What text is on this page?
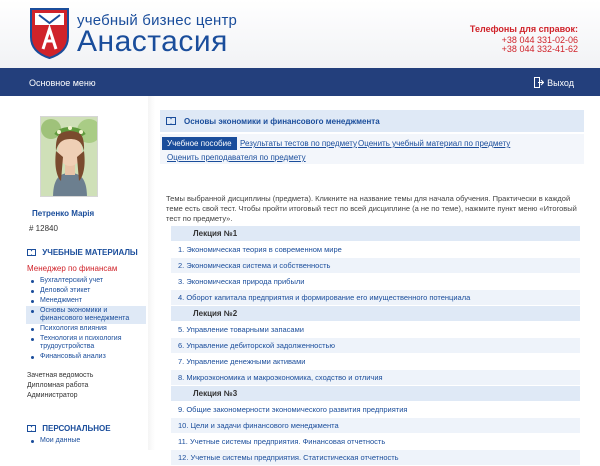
учебный бизнес центр
Анастасия	Телефоны для справок:
+38 044 331-02-06
+38 044 332-41-62
Основное меню	Выход
Петренко Марія
# 12840
УЧЕБНЫЕ МАТЕРИАЛЫ
Менеджер по финансам
Бухгалтерский учет
Деловой этикет
Менеджмент
Основы экономики и финансового менеджмента
Психология влияния
Технология и психология трудоустройства
Финансовый анализ
Зачетная ведомость
Дипломная работа
Администратор
ПЕРСОНАЛЬНОЕ
Мои данные
Основы экономики и финансового менеджмента
Учебное пособие	Результаты тестов по предмету Оценить учебный материал по предмету
Оценить преподавателя по предмету
Темы выбранной дисциплины (предмета). Кликните на название темы для начала обучения. Практически в каждой теме есть свой тест. Чтобы пройти итоговый тест по всей дисциплине (а не по теме), нажмите пункт меню «Итоговый тест по предмету».
Лекция №1
1. Экономическая теория в современном мире
2. Экономическая система и собственность
3. Экономическая природа прибыли
4. Оборот капитала предприятия и формирование его имущественного потенциала
Лекция №2
5. Управление товарными запасами
6. Управление дебиторской задолженностью
7. Управление денежными активами
8. Микроэкономика и макроэкономика, сходство и отличия
Лекция №3
9. Общие закономерности экономического развития предприятия
10. Цели и задачи финансового менеджмента
11. Учетные системы предприятия. Финансовая отчетность
12. Учетные системы предприятия. Статистическая отчетность
